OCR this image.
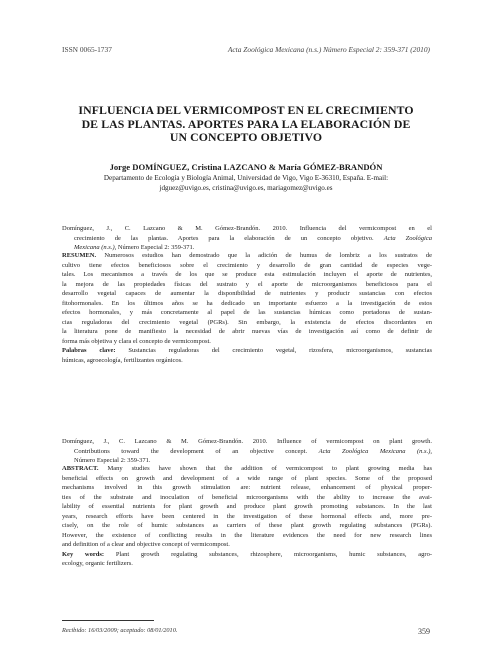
ISSN 0065-1737	Acta Zoológica Mexicana (n.s.) Número Especial 2: 359-371 (2010)
INFLUENCIA DEL VERMICOMPOST EN EL CRECIMIENTO
DE LAS PLANTAS. APORTES PARA LA ELABORACIÓN DE
UN CONCEPTO OBJETIVO
Jorge DOMÍNGUEZ, Cristina LAZCANO & María GÓMEZ-BRANDÓN
Departamento de Ecología y Biología Animal, Universidad de Vigo, Vigo E-36310, España. E-mail:
jdguez@uvigo.es, cristina@uvigo.es, mariagomez@uvigo.es
Domínguez, J., C. Lazcano & M. Gómez-Brandón. 2010. Influencia del vermicompost en el
crecimiento de las plantas. Aportes para la elaboración de un concepto objetivo. Acta Zoológica
Mexicana (n.s.), Número Especial 2: 359-371.
RESUMEN. Numerosos estudios han demostrado que la adición de humus de lombriz a los sustratos de
cultivo tiene efectos beneficiosos sobre el crecimiento y desarrollo de gran cantidad de especies vege-
tales. Los mecanismos a través de los que se produce esta estimulación incluyen el aporte de nutrientes,
la mejora de las propiedades físicas del sustrato y el aporte de microorganismos beneficiosos para el
desarrollo vegetal capaces de aumentar la disponibilidad de nutrientes y producir sustancias con efectos
fitohormonales. En los últimos años se ha dedicado un importante esfuerzo a la investigación de estos
efectos hormonales, y más concretamente al papel de las sustancias húmicas como portadoras de sustan-
cias reguladoras del crecimiento vegetal (PGRs). Sin embargo, la existencia de efectos discordantes en
la literatura pone de manifiesto la necesidad de abrir nuevas vías de investigación así como de definir de
forma más objetiva y clara el concepto de vermicompost.
Palabras clave: Sustancias reguladoras del crecimiento vegetal, rizosfera, microorganismos, sustancias
húmicas, agroecología, fertilizantes orgánicos.
Domínguez, J., C. Lazcano & M. Gómez-Brandón. 2010. Influence of vermicompost on plant growth.
Contributions toward the development of an objective concept. Acta Zoológica Mexicana (n.s.),
Número Especial 2: 359-371.
ABSTRACT. Many studies have shown that the addition of vermicompost to plant growing media has
beneficial effects on growth and development of a wide range of plant species. Some of the proposed
mechanisms involved in this growth stimulation are: nutrient release, enhancement of physical proper-
ties of the substrate and inoculation of beneficial microorganisms with the ability to increase the avai-
lability of essential nutrients for plant growth and produce plant growth promoting substances. In the last
years, research efforts have been centered in the investigation of these hormonal effects and, more pre-
cisely, on the role of humic substances as carriers of these plant growth regulating substances (PGRs).
However, the existence of conflicting results in the literature evidences the need for new research lines
and definition of a clear and objective concept of vermicompost.
Key words: Plant growth regulating substances, rhizosphere, microorganisms, humic substances, agro-
ecology, organic fertilizers.
Recibido: 16/03/2009; aceptado: 08/01/2010.	359
